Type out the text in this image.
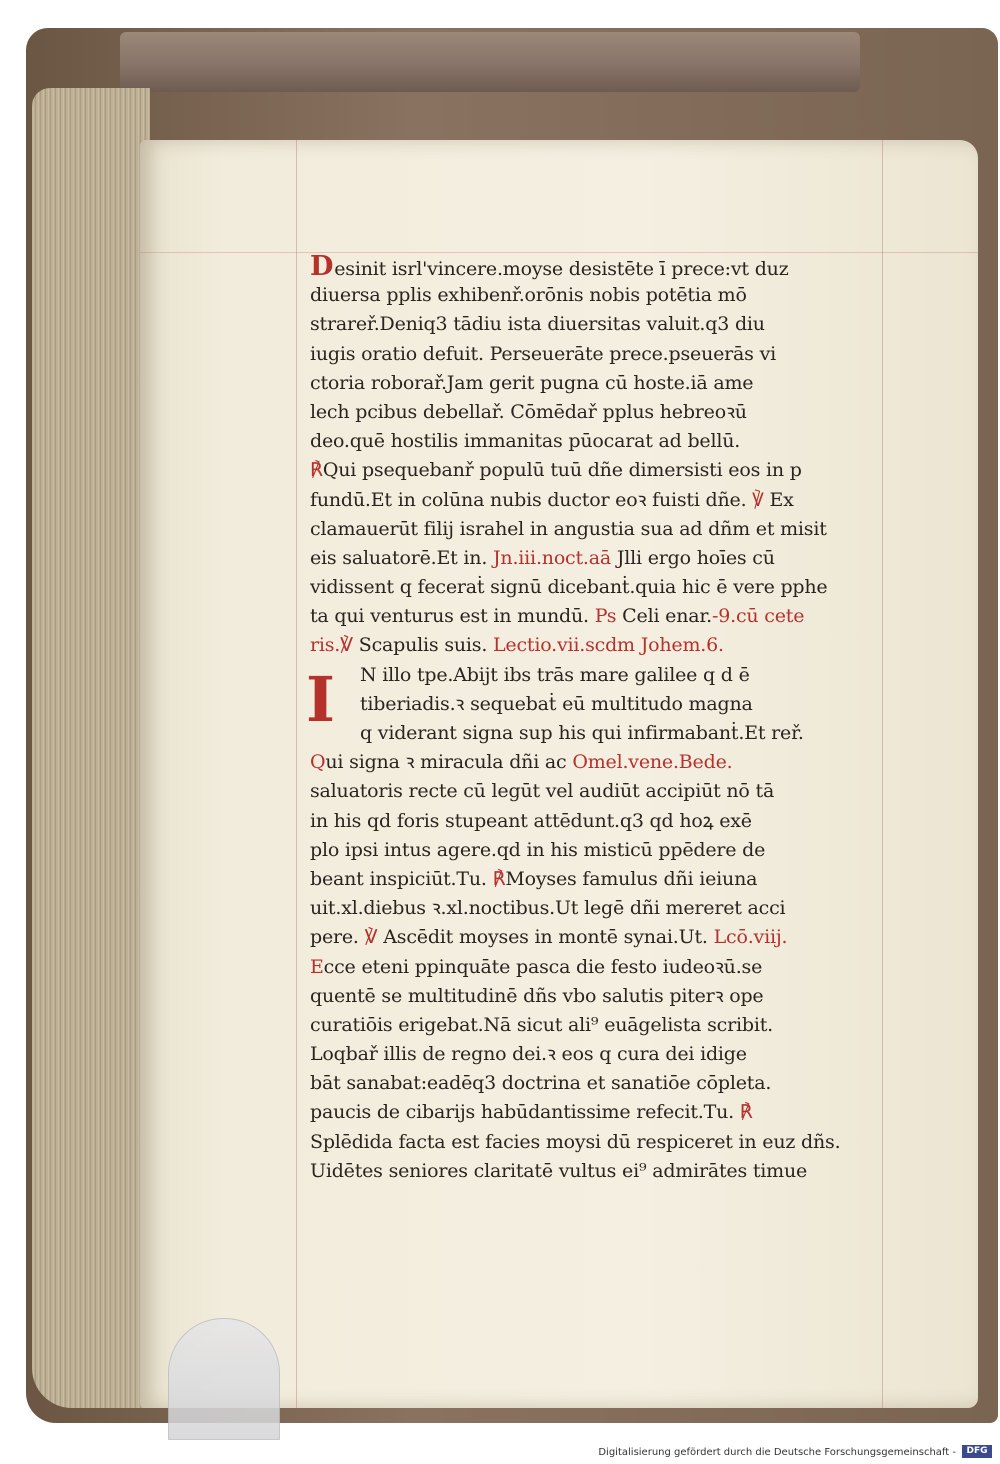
I
Desinit isrl'vincere.moyse desistēte ī prece:vt duz
diuersa pplis exhibenř.orōnis nobis potētia mō
strareř.Deniq3 tādiu ista diuersitas valuit.q3 diu
iugis oratio defuit. Perseuerāte prece.pseuerās vi
ctoria roborař.Jam gerit pugna cū hoste.iā ame
lech pcibus debellař. Cōmēdař pplus hebreoꝛū
deo.quē hostilis immanitas pūocarat ad bellū.
℟Qui psequebanř populū tuū dñe dimersisti eos in p
fundū.Et in colūna nubis ductor eoꝛ fuisti dñe. ℣ Ex
clamauerūt filij israhel in angustia sua ad dñm et misit
eis saluatorē.Et in. Jn.iii.noct.aā Jlli ergo hoīes cū
vidissent q feceraṫ signū dicebanṫ.quia hic ē vere pphe
ta qui venturus est in mundū. Ps Celi enar.-9.cū cete
ris.℣ Scapulis suis. Lectio.vii.scdm Johem.6.
N illo tpe.Abijt ibs trās mare galilee q d ē
tiberiadis.ꝛ sequebaṫ eū multitudo magna
q viderant signa sup his qui infirmabanṫ.Et reř.
Qui signa ꝛ miracula dñi ac Omel.vene.Bede.
saluatoris recte cū legūt vel audiūt accipiūt nō tā
in his qd foris stupeant attēdunt.q3 qd hoꝝ exē
plo ipsi intus agere.qd in his misticū ppēdere de
beant inspiciūt.Tu. ℟Moyses famulus dñi ieiuna
uit.xl.diebus ꝛ.xl.noctibus.Ut legē dñi mereret acci
pere. ℣ Ascēdit moyses in montē synai.Ut. Lcō.viij.
Ecce eteni ppinquāte pasca die festo iudeoꝛū.se
quentē se multitudinē dñs vbo salutis piterꝛ ope
curatiōis erigebat.Nā sicut ali⁹ euāgelista scribit.
Loqbař illis de regno dei.ꝛ eos q cura dei idige
bāt sanabat:eadēq3 doctrina et sanatiōe cōpleta.
paucis de cibarijs habūdantissime refecit.Tu. ℟
Splēdida facta est facies moysi dū respiceret in euz dñs.
Uidētes seniores claritatē vultus ei⁹ admirātes timue
Digitalisierung gefördert durch die Deutsche Forschungsgemeinschaft -	DFG
